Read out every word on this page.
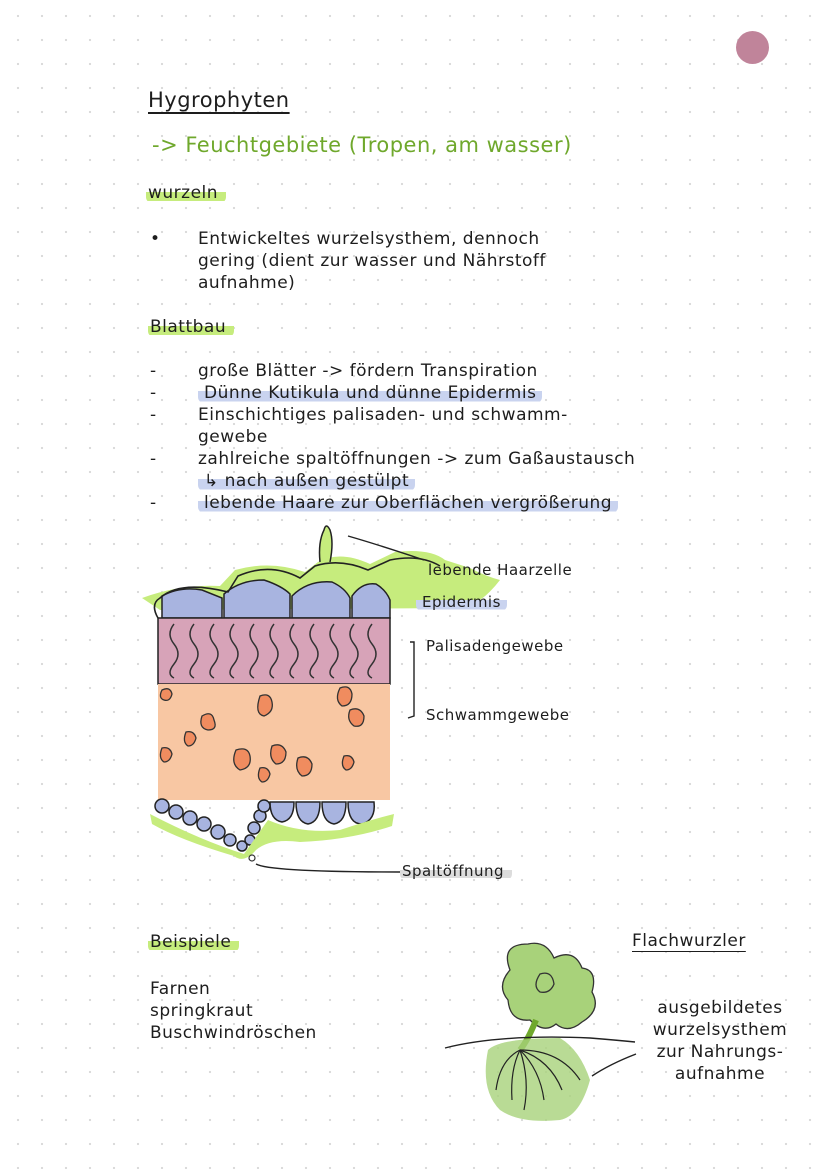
Hygrophyten
-> Feuchtgebiete (Tropen, am wasser)
wurzeln
• Entwickeltes wurzelsysthem, dennoch
gering (dient zur wasser und Nährstoff
aufnahme)
Blattbau
- große Blätter -> fördern Transpiration
-	Dünne Kutikula und dünne Epidermis
- Einschichtiges palisaden- und schwamm-
gewebe
- zahlreiche spaltöffnungen -> zum Gaßaustausch
↳ nach außen gestülpt
-	lebende Haare zur Oberflächen vergrößerung
lebende Haarzelle
Epidermis
Palisadengewebe
Schwammgewebe
Spaltöffnung
Beispiele
Farnen
springkraut
Buschwindröschen
Flachwurzler
ausgebildetes
wurzelsysthem
zur Nahrungs-
aufnahme
